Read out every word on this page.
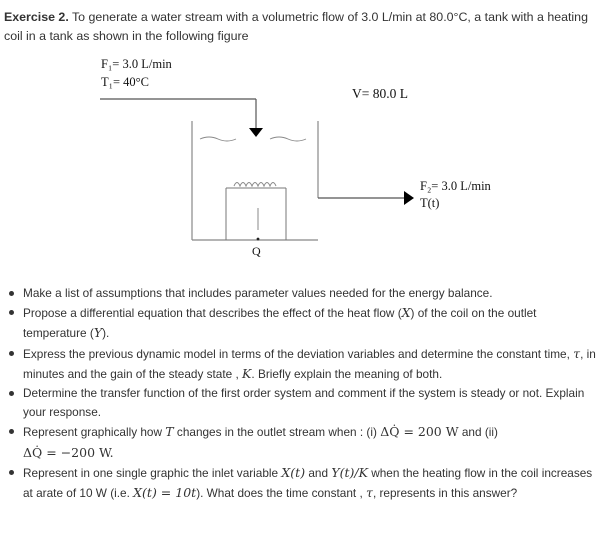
Exercise 2. To generate a water stream with a volumetric flow of 3.0 L/min at 80.0°C, a tank with a heating coil in a tank as shown in the following figure
F₁= 3.0 L/min
T₁= 40°C
V= 80.0 L
F₂= 3.0 L/min
T(t)
Q
Make a list of assumptions that includes parameter values needed for the energy balance.
Propose a differential equation that describes the effect of the heat flow (X) of the coil on the outlet temperature (Y).
Express the previous dynamic model in terms of the deviation variables and determine the constant time, τ, in minutes and the gain of the steady state , K. Briefly explain the meaning of both.
Determine the transfer function of the first order system and comment if the system is steady or not. Explain your response.
Represent graphically how T changes in the outlet stream when : (i) ΔQ̇ = 200 W and (ii)
ΔQ̇ = −200 W.
Represent in one single graphic the inlet variable X(t) and Y(t)/K when the heating flow in the coil increases at arate of 10 W (i.e. X(t) = 10t). What does the time constant , τ, represents in this answer?
